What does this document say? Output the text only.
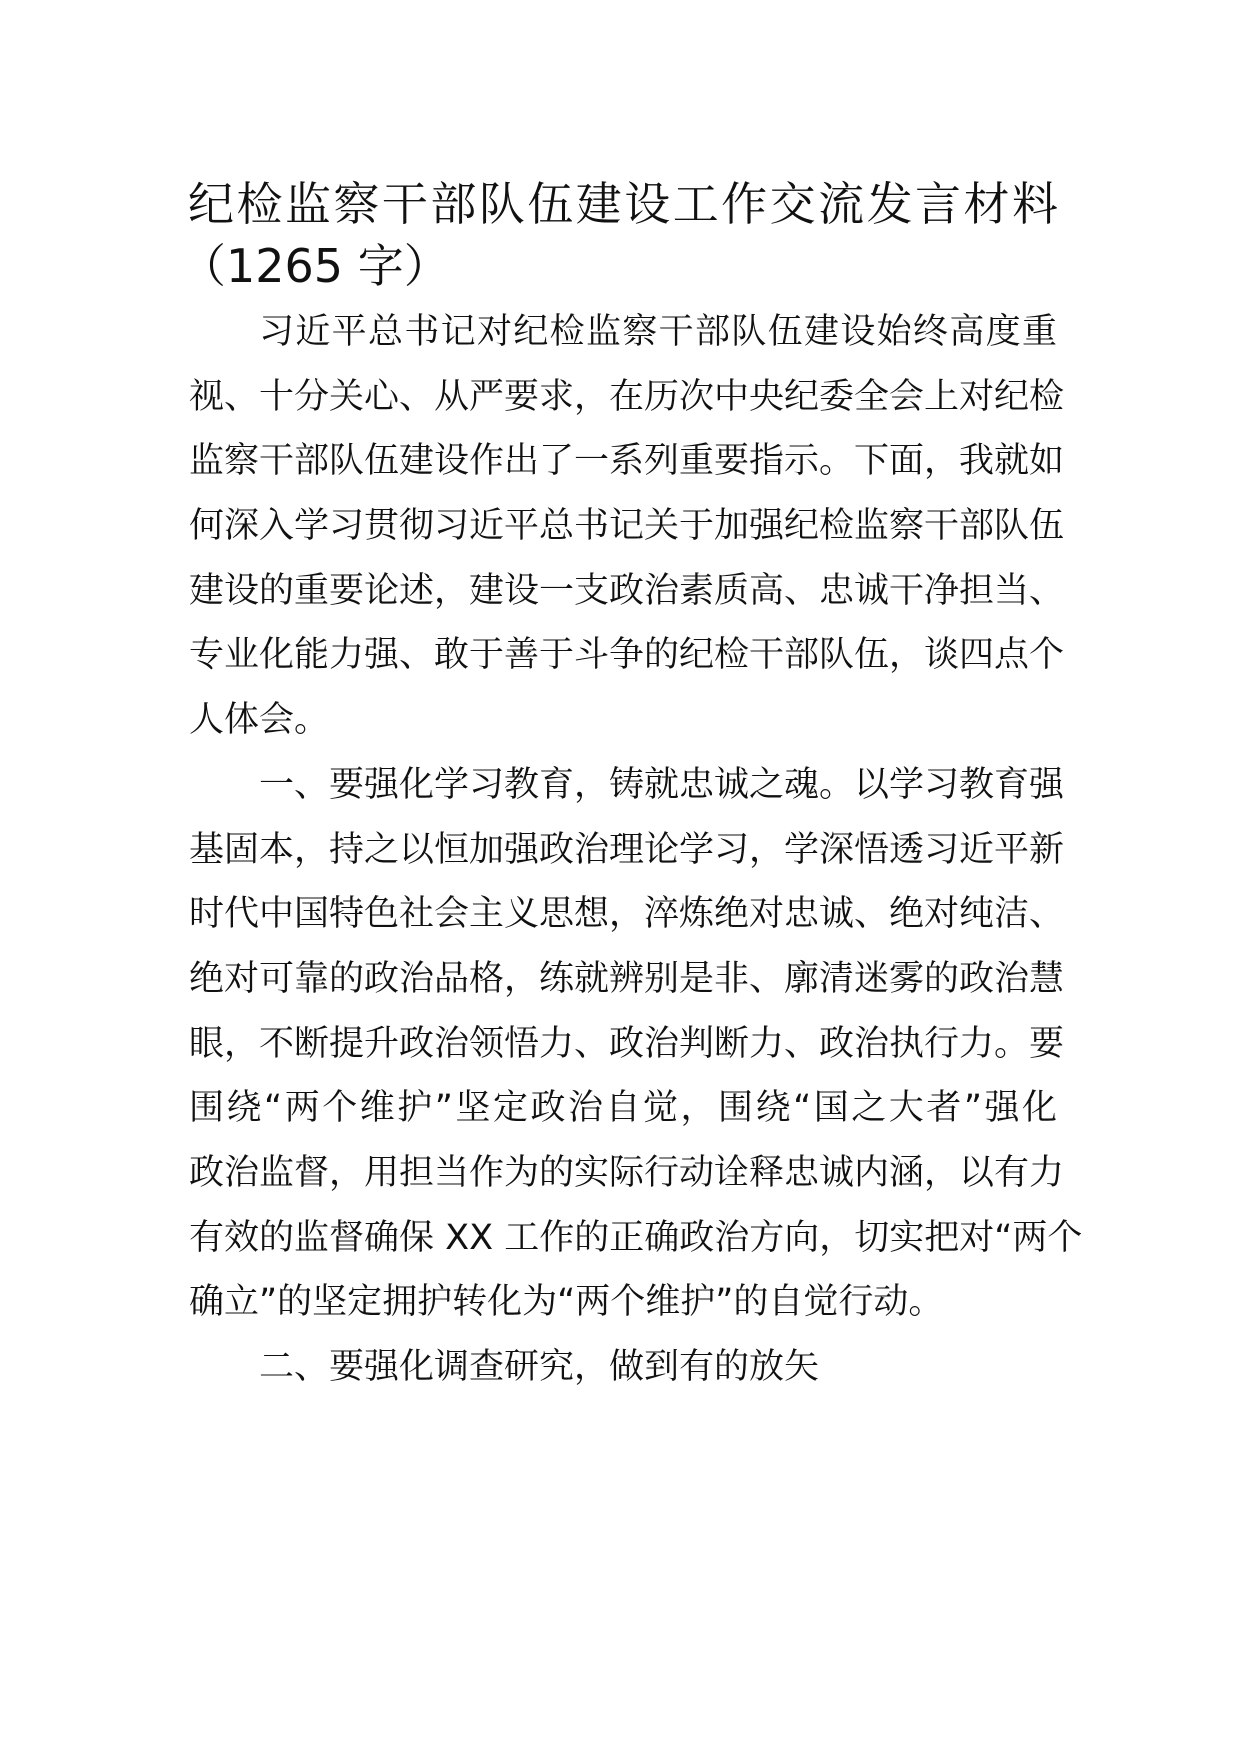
纪检监察干部队伍建设工作交流发言材料
（1265 字）
习近平总书记对纪检监察干部队伍建设始终高度重
视、十分关心、从严要求，在历次中央纪委全会上对纪检
监察干部队伍建设作出了一系列重要指示。下面，我就如
何深入学习贯彻习近平总书记关于加强纪检监察干部队伍
建设的重要论述，建设一支政治素质高、忠诚干净担当、
专业化能力强、敢于善于斗争的纪检干部队伍，谈四点个
人体会。
一、要强化学习教育，铸就忠诚之魂。以学习教育强
基固本，持之以恒加强政治理论学习，学深悟透习近平新
时代中国特色社会主义思想，淬炼绝对忠诚、绝对纯洁、
绝对可靠的政治品格，练就辨别是非、廓清迷雾的政治慧
眼，不断提升政治领悟力、政治判断力、政治执行力。要
围绕“两个维护”坚定政治自觉，围绕“国之大者”强化
政治监督，用担当作为的实际行动诠释忠诚内涵，以有力
有效的监督确保 XX 工作的正确政治方向，切实把对“两个
确立”的坚定拥护转化为“两个维护”的自觉行动。
二、要强化调查研究，做到有的放矢
